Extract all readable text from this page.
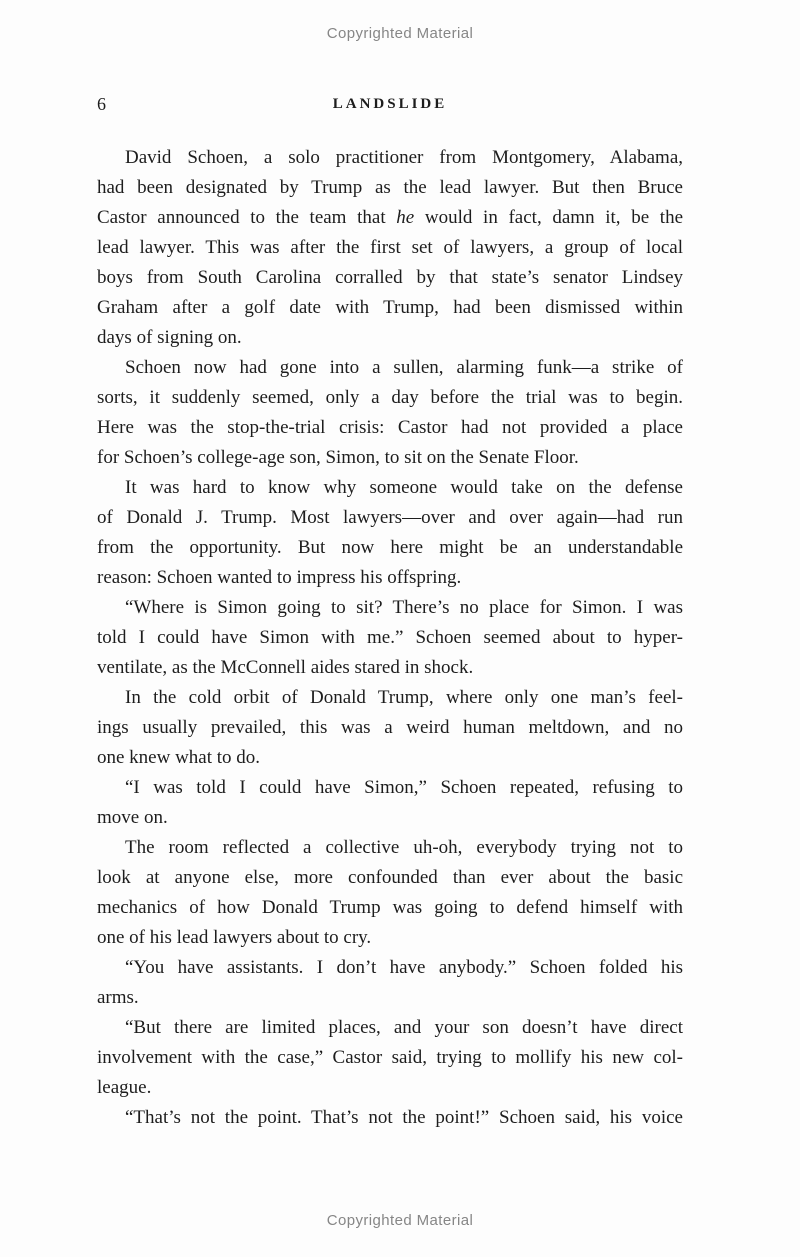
Copyrighted Material
6	LANDSLIDE
David Schoen, a solo practitioner from Montgomery, Alabama,
had been designated by Trump as the lead lawyer. But then Bruce
Castor announced to the team that he would in fact, damn it, be the
lead lawyer. This was after the first set of lawyers, a group of local
boys from South Carolina corralled by that state’s senator Lindsey
Graham after a golf date with Trump, had been dismissed within
days of signing on.
Schoen now had gone into a sullen, alarming funk—a strike of
sorts, it suddenly seemed, only a day before the trial was to begin.
Here was the stop-the-trial crisis: Castor had not provided a place
for Schoen’s college-age son, Simon, to sit on the Senate Floor.
It was hard to know why someone would take on the defense
of Donald J. Trump. Most lawyers—over and over again—had run
from the opportunity. But now here might be an understandable
reason: Schoen wanted to impress his offspring.
“Where is Simon going to sit? There’s no place for Simon. I was
told I could have Simon with me.” Schoen seemed about to hyper-
ventilate, as the McConnell aides stared in shock.
In the cold orbit of Donald Trump, where only one man’s feel-
ings usually prevailed, this was a weird human meltdown, and no
one knew what to do.
“I was told I could have Simon,” Schoen repeated, refusing to
move on.
The room reflected a collective uh-oh, everybody trying not to
look at anyone else, more confounded than ever about the basic
mechanics of how Donald Trump was going to defend himself with
one of his lead lawyers about to cry.
“You have assistants. I don’t have anybody.” Schoen folded his
arms.
“But there are limited places, and your son doesn’t have direct
involvement with the case,” Castor said, trying to mollify his new col-
league.
“That’s not the point. That’s not the point!” Schoen said, his voice
Copyrighted Material
